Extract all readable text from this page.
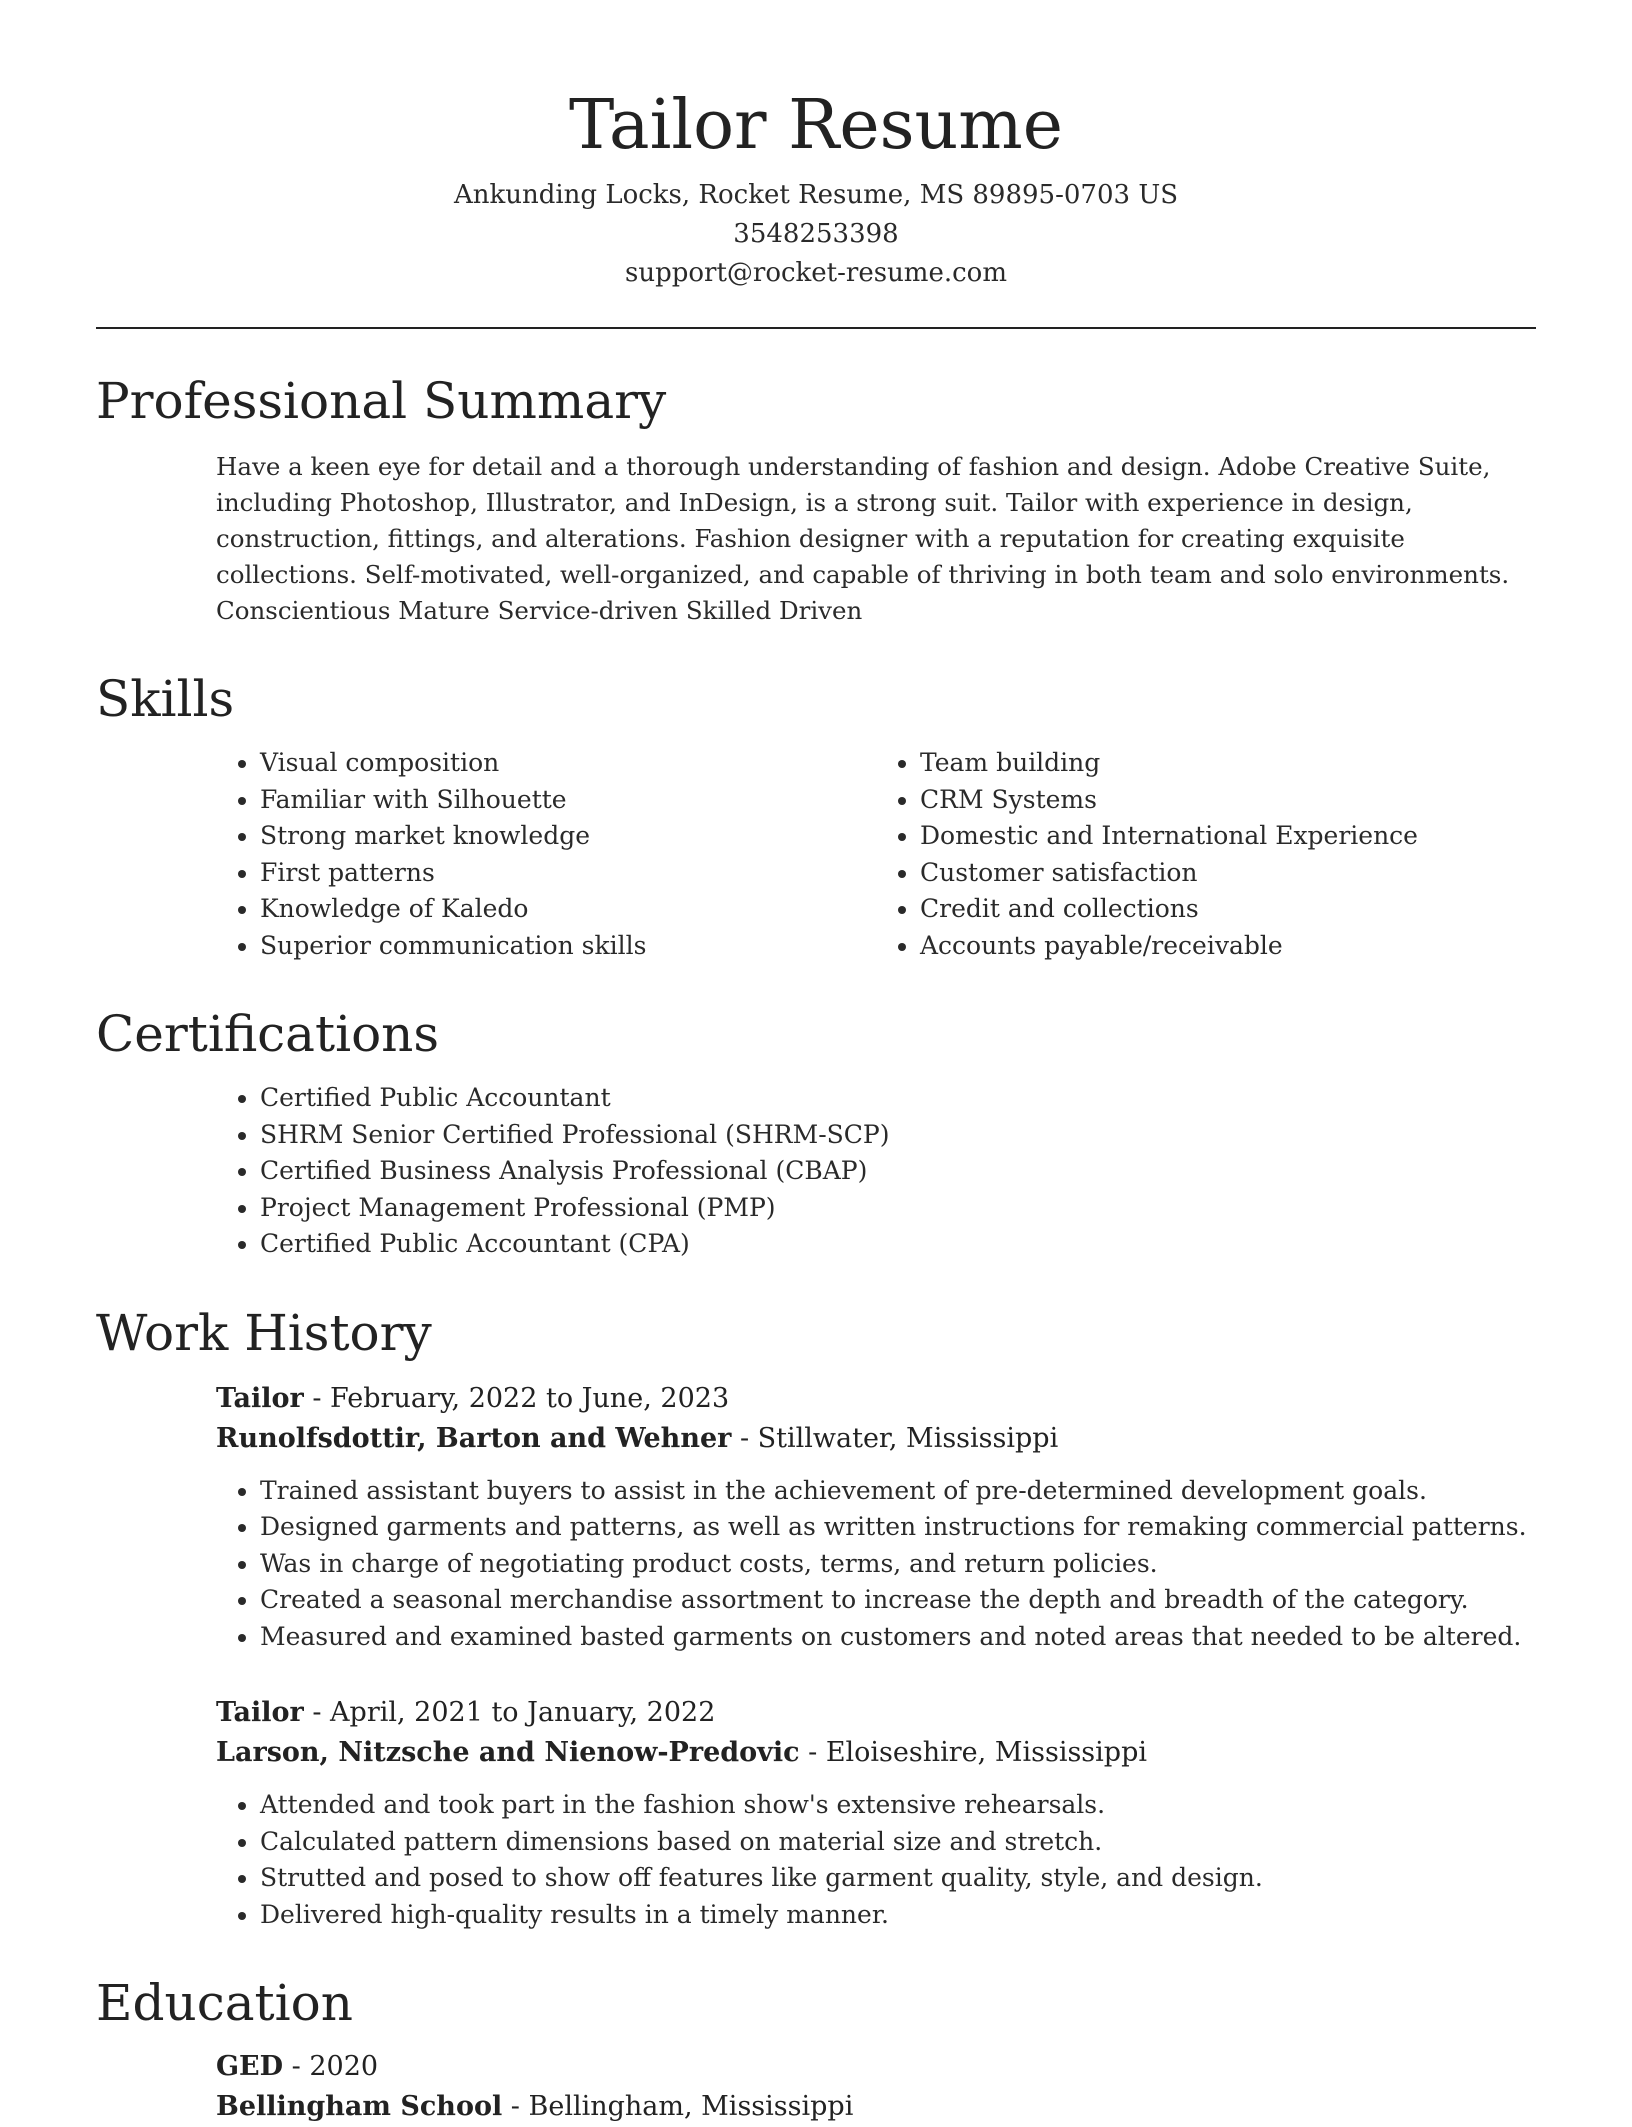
Tailor Resume
Ankunding Locks, Rocket Resume, MS 89895-0703 US
3548253398
support@rocket-resume.com
Professional Summary

Have a keen eye for detail and a thorough understanding of fashion and design. Adobe Creative Suite, including Photoshop, Illustrator, and InDesign, is a strong suit. Tailor with experience in design, construction, fittings, and alterations. Fashion designer with a reputation for creating exquisite collections. Self-motivated, well-organized, and capable of thriving in both team and solo environments. Conscientious Mature Service-driven Skilled Driven

Skills
• Visual composition
• Familiar with Silhouette
• Strong market knowledge
• First patterns
• Knowledge of Kaledo
• Superior communication skills
• Team building
• CRM Systems
• Domestic and International Experience
• Customer satisfaction
• Credit and collections
• Accounts payable/receivable
Certifications
• Certified Public Accountant
• SHRM Senior Certified Professional (SHRM-SCP)
• Certified Business Analysis Professional (CBAP)
• Project Management Professional (PMP)
• Certified Public Accountant (CPA)
Work History
Tailor - February, 2022 to June, 2023
Runolfsdottir, Barton and Wehner - Stillwater, Mississippi
• Trained assistant buyers to assist in the achievement of pre-determined development goals.
• Designed garments and patterns, as well as written instructions for remaking commercial patterns.
• Was in charge of negotiating product costs, terms, and return policies.
• Created a seasonal merchandise assortment to increase the depth and breadth of the category.
• Measured and examined basted garments on customers and noted areas that needed to be altered.
Tailor - April, 2021 to January, 2022
Larson, Nitzsche and Nienow-Predovic - Eloiseshire, Mississippi
• Attended and took part in the fashion show's extensive rehearsals.
• Calculated pattern dimensions based on material size and stretch.
• Strutted and posed to show off features like garment quality, style, and design.
• Delivered high-quality results in a timely manner.
Education
GED - 2020
Bellingham School - Bellingham, Mississippi
